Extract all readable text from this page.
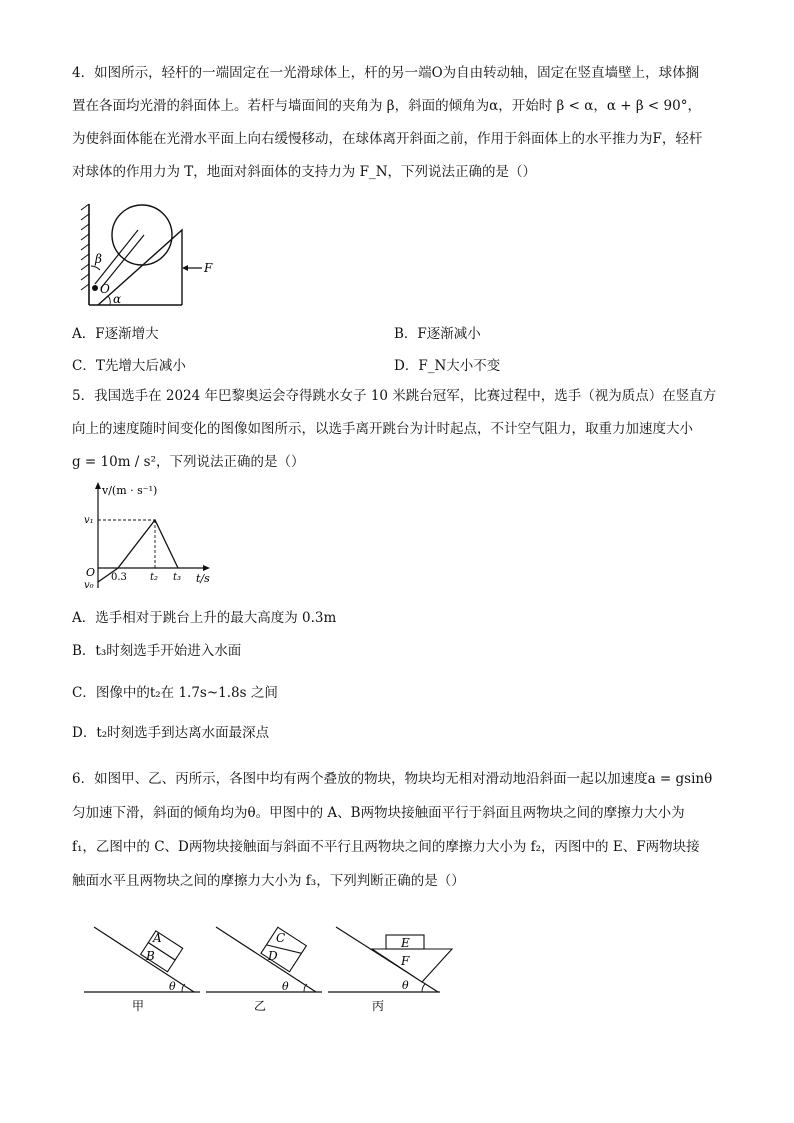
4．如图所示，轻杆的一端固定在一光滑球体上，杆的另一端O为自由转动轴，固定在竖直墙壁上，球体搁
置在各面均光滑的斜面体上。若杆与墙面间的夹角为 β，斜面的倾角为α，开始时 β < α，α + β < 90°，
为使斜面体能在光滑水平面上向右缓慢移动，在球体离开斜面之前，作用于斜面体上的水平推力为F，轻杆
对球体的作用力为 T，地面对斜面体的支持力为 F_N，下列说法正确的是（）
β
O
α
F
A．F逐渐增大	B．F逐渐减小
C．T先增大后减小	D．F_N大小不变
5．我国选手在 2024 年巴黎奥运会夺得跳水女子 10 米跳台冠军，比赛过程中，选手（视为质点）在竖直方
向上的速度随时间变化的图像如图所示，以选手离开跳台为计时起点，不计空气阻力，取重力加速度大小
g = 10m / s²，下列说法正确的是（）
v/(m · s⁻¹)
t/s
O
v₁
v₀
0.3 t₂ t₃
A．选手相对于跳台上升的最大高度为 0.3m
B．t₃时刻选手开始进入水面
C．图像中的t₂在 1.7s~1.8s 之间
D．t₂时刻选手到达离水面最深点
6．如图甲、乙、丙所示，各图中均有两个叠放的物块，物块均无相对滑动地沿斜面一起以加速度a = gsinθ
匀加速下滑，斜面的倾角均为θ。甲图中的 A、B两物块接触面平行于斜面且两物块之间的摩擦力大小为
f₁，乙图中的 C、D两物块接触面与斜面不平行且两物块之间的摩擦力大小为 f₂，丙图中的 E、F两物块接
触面水平且两物块之间的摩擦力大小为 f₃，下列判断正确的是（）
A
B
θ
甲
C
D
θ
乙
E
F
θ
丙
